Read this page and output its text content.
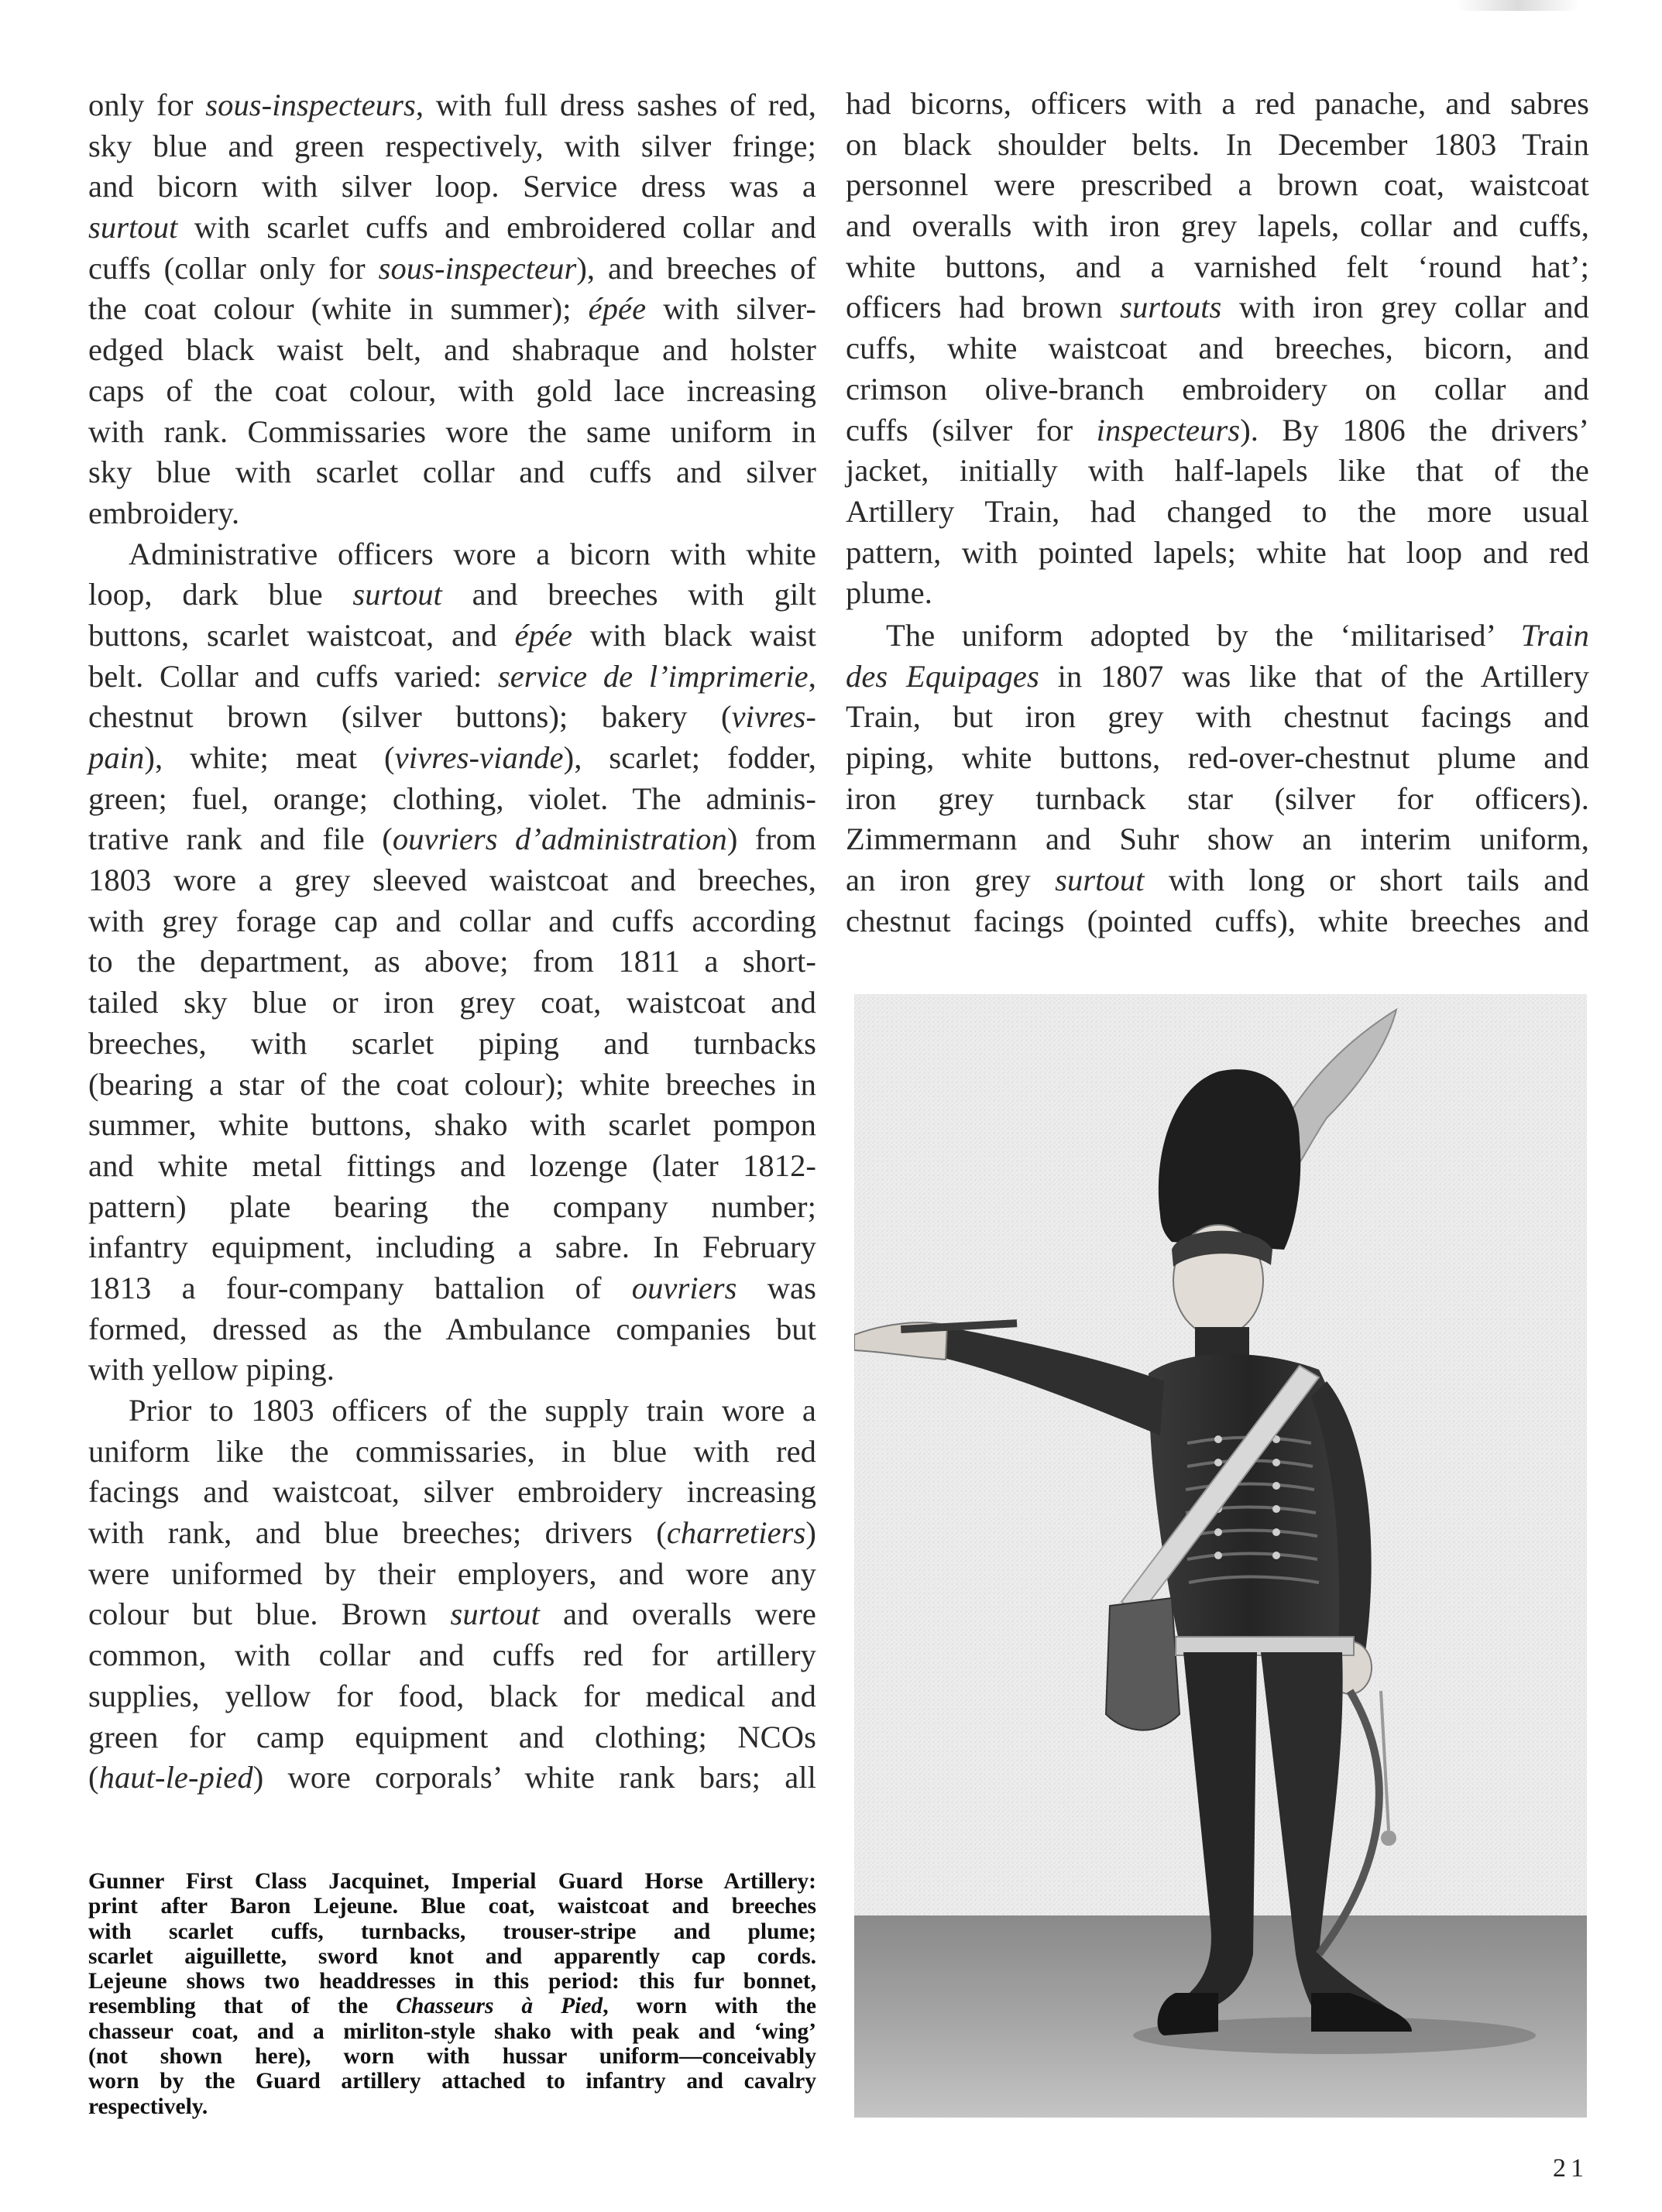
only for sous-inspecteurs, with full dress sashes of red,
sky blue and green respectively, with silver fringe;
and bicorn with silver loop. Service dress was a
surtout with scarlet cuffs and embroidered collar and
cuffs (collar only for sous-inspecteur), and breeches of
the coat colour (white in summer); épée with silver-
edged black waist belt, and shabraque and holster
caps of the coat colour, with gold lace increasing
with rank. Commissaries wore the same uniform in
sky blue with scarlet collar and cuffs and silver
embroidery.
Administrative officers wore a bicorn with white
loop, dark blue surtout and breeches with gilt
buttons, scarlet waistcoat, and épée with black waist
belt. Collar and cuffs varied: service de l’imprimerie,
chestnut brown (silver buttons); bakery (vivres-
pain), white; meat (vivres-viande), scarlet; fodder,
green; fuel, orange; clothing, violet. The adminis-
trative rank and file (ouvriers d’administration) from
1803 wore a grey sleeved waistcoat and breeches,
with grey forage cap and collar and cuffs according
to the department, as above; from 1811 a short-
tailed sky blue or iron grey coat, waistcoat and
breeches, with scarlet piping and turnbacks
(bearing a star of the coat colour); white breeches in
summer, white buttons, shako with scarlet pompon
and white metal fittings and lozenge (later 1812-
pattern) plate bearing the company number;
infantry equipment, including a sabre. In February
1813 a four-company battalion of ouvriers was
formed, dressed as the Ambulance companies but
with yellow piping.
Prior to 1803 officers of the supply train wore a
uniform like the commissaries, in blue with red
facings and waistcoat, silver embroidery increasing
with rank, and blue breeches; drivers (charretiers)
were uniformed by their employers, and wore any
colour but blue. Brown surtout and overalls were
common, with collar and cuffs red for artillery
supplies, yellow for food, black for medical and
green for camp equipment and clothing; NCOs
(haut-le-pied) wore corporals’ white rank bars; all
had bicorns, officers with a red panache, and sabres
on black shoulder belts. In December 1803 Train
personnel were prescribed a brown coat, waistcoat
and overalls with iron grey lapels, collar and cuffs,
white buttons, and a varnished felt ‘round hat’;
officers had brown surtouts with iron grey collar and
cuffs, white waistcoat and breeches, bicorn, and
crimson olive-branch embroidery on collar and
cuffs (silver for inspecteurs). By 1806 the drivers’
jacket, initially with half-lapels like that of the
Artillery Train, had changed to the more usual
pattern, with pointed lapels; white hat loop and red
plume.
The uniform adopted by the ‘militarised’ Train
des Equipages in 1807 was like that of the Artillery
Train, but iron grey with chestnut facings and
piping, white buttons, red-over-chestnut plume and
iron grey turnback star (silver for officers).
Zimmermann and Suhr show an interim uniform,
an iron grey surtout with long or short tails and
chestnut facings (pointed cuffs), white breeches and
Gunner First Class Jacquinet, Imperial Guard Horse Artillery:
print after Baron Lejeune. Blue coat, waistcoat and breeches
with scarlet cuffs, turnbacks, trouser-stripe and plume;
scarlet aiguillette, sword knot and apparently cap cords.
Lejeune shows two headdresses in this period: this fur bonnet,
resembling that of the Chasseurs à Pied, worn with the
chasseur coat, and a mirliton-style shako with peak and ‘wing’
(not shown here), worn with hussar uniform—conceivably
worn by the Guard artillery attached to infantry and cavalry
respectively.
21
